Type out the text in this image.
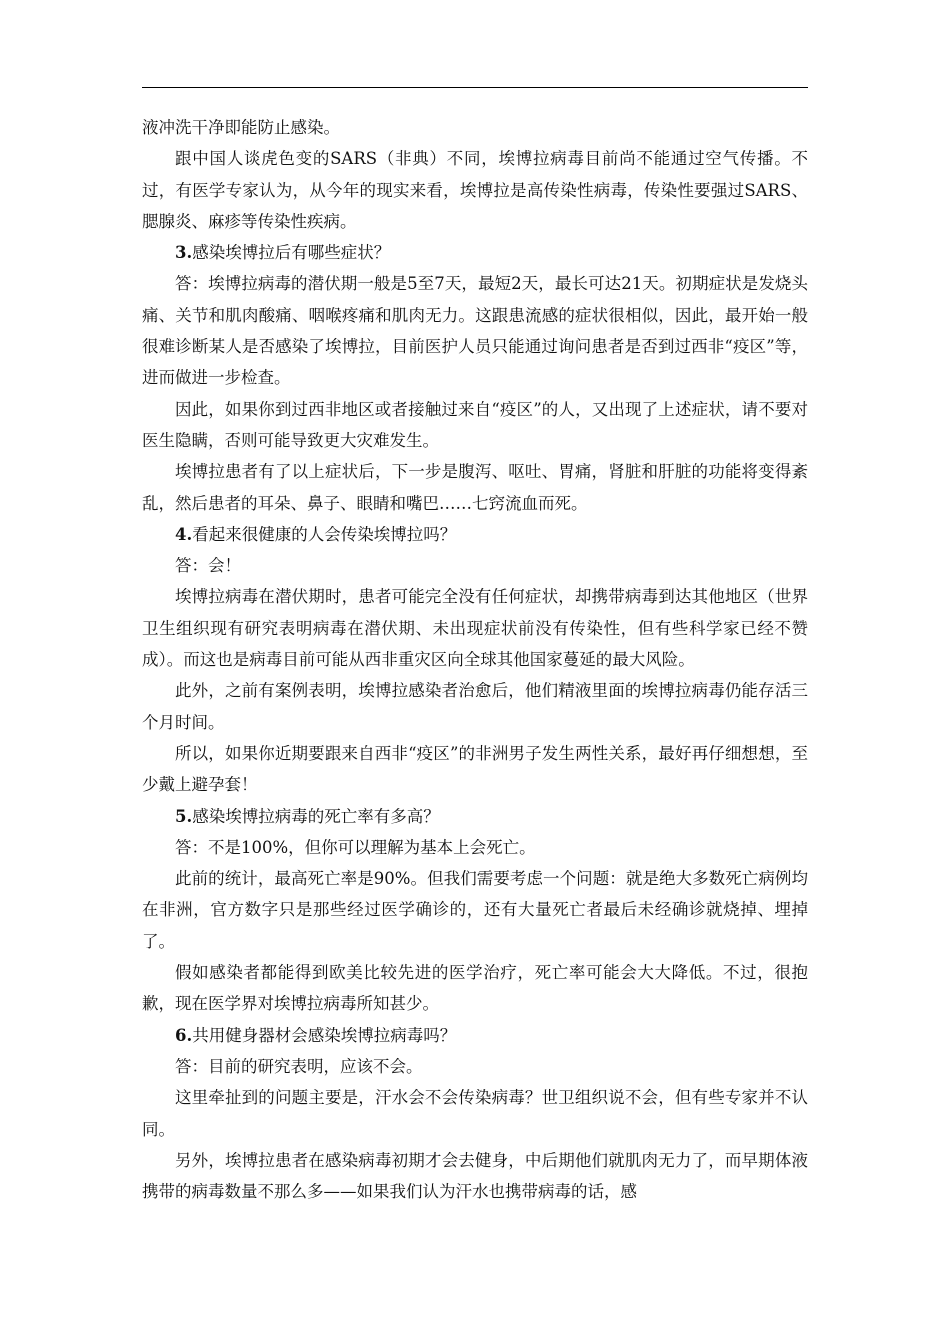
液冲洗干净即能防止感染。

跟中国人谈虎色变的SARS（非典）不同，埃博拉病毒目前尚不能通过空气传播。不过，有医学专家认为，从今年的现实来看，埃博拉是高传染性病毒，传染性要强过SARS、腮腺炎、麻疹等传染性疾病。

3.感染埃博拉后有哪些症状？

答：埃博拉病毒的潜伏期一般是5至7天，最短2天，最长可达21天。初期症状是发烧头痛、关节和肌肉酸痛、咽喉疼痛和肌肉无力。这跟患流感的症状很相似，因此，最开始一般很难诊断某人是否感染了埃博拉，目前医护人员只能通过询问患者是否到过西非“疫区”等，进而做进一步检查。

因此，如果你到过西非地区或者接触过来自“疫区”的人，又出现了上述症状，请不要对医生隐瞒，否则可能导致更大灾难发生。

埃博拉患者有了以上症状后，下一步是腹泻、呕吐、胃痛，肾脏和肝脏的功能将变得紊乱，然后患者的耳朵、鼻子、眼睛和嘴巴……七窍流血而死。

4.看起来很健康的人会传染埃博拉吗？

答：会！

埃博拉病毒在潜伏期时，患者可能完全没有任何症状，却携带病毒到达其他地区（世界卫生组织现有研究表明病毒在潜伏期、未出现症状前没有传染性，但有些科学家已经不赞成）。而这也是病毒目前可能从西非重灾区向全球其他国家蔓延的最大风险。

此外，之前有案例表明，埃博拉感染者治愈后，他们精液里面的埃博拉病毒仍能存活三个月时间。

所以，如果你近期要跟来自西非“疫区”的非洲男子发生两性关系，最好再仔细想想，至少戴上避孕套！

5.感染埃博拉病毒的死亡率有多高？

答：不是100%，但你可以理解为基本上会死亡。

此前的统计，最高死亡率是90%。但我们需要考虑一个问题：就是绝大多数死亡病例均在非洲，官方数字只是那些经过医学确诊的，还有大量死亡者最后未经确诊就烧掉、埋掉了。

假如感染者都能得到欧美比较先进的医学治疗，死亡率可能会大大降低。不过，很抱歉，现在医学界对埃博拉病毒所知甚少。

6.共用健身器材会感染埃博拉病毒吗？

答：目前的研究表明，应该不会。

这里牵扯到的问题主要是，汗水会不会传染病毒？世卫组织说不会，但有些专家并不认同。

另外，埃博拉患者在感染病毒初期才会去健身，中后期他们就肌肉无力了，而早期体液携带的病毒数量不那么多——如果我们认为汗水也携带病毒的话，感
